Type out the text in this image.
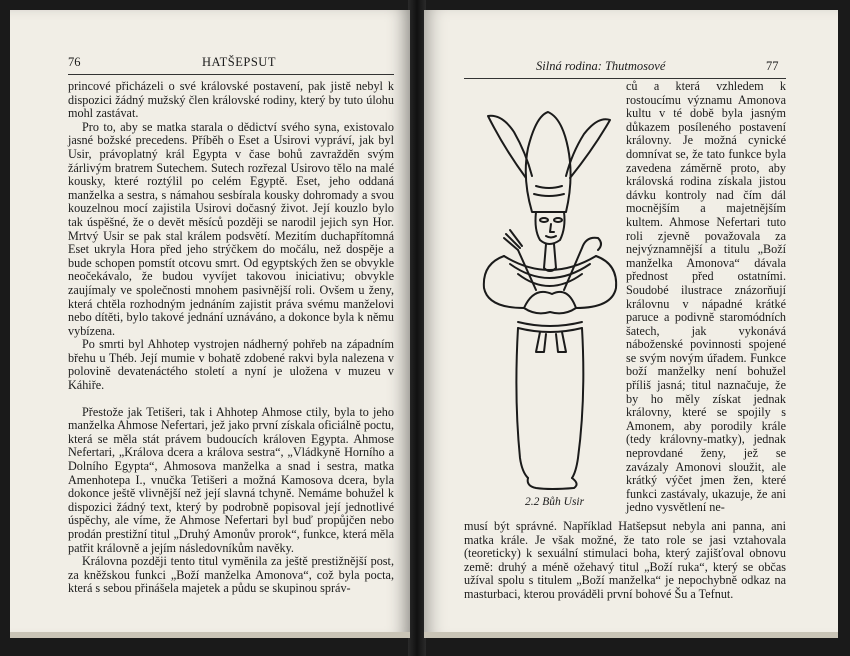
76	HATŠEPSUT

princové přicházeli o své královské postavení, pak jistě nebyl k dispozici žádný mužský člen královské rodiny, který by tuto úlohu mohl zastávat.

Pro to, aby se matka starala o dědictví svého syna, existovalo jasné božské precedens. Příběh o Eset a Usirovi vypráví, jak byl Usir, právoplatný král Egypta v čase bohů zavražděn svým žárlivým bratrem Sutechem. Sutech rozřezal Usirovo tělo na malé kousky, které roztýlil po celém Egyptě. Eset, jeho oddaná manželka a sestra, s námahou sesbírala kousky dohromady a svou kouzelnou mocí zajistila Usirovi dočasný život. Její kouzlo bylo tak úspěšné, že o devět měsíců později se narodil jejich syn Hor. Mrtvý Usir se pak stal králem podsvětí. Mezitím duchapřítomná Eset ukryla Hora před jeho strýčkem do močálu, než dospěje a bude schopen pomstít otcovu smrt. Od egyptských žen se obvykle neočekávalo, že budou vyvíjet takovou iniciativu; obvykle zaujímaly ve společnosti mnohem pasivnější roli. Ovšem u ženy, která chtěla rozhodným jednáním zajistit práva svému manželovi nebo dítěti, bylo takové jednání uznáváno, a dokonce byla k němu vybízena.

Po smrti byl Ahhotep vystrojen nádherný pohřeb na západním břehu u Théb. Její mumie v bohatě zdobené rakvi byla nalezena v polovině devatenáctého století a nyní je uložena v muzeu v Káhiře.

Přestože jak Tetišeri, tak i Ahhotep Ahmose ctily, byla to jeho manželka Ahmose Nefertari, jež jako první získala oficiálně poctu, která se měla stát právem budoucích královen Egypta. Ahmose Nefertari, „Králova dcera a králova sestra“, „Vládkyně Horního a Dolního Egypta“, Ahmosova manželka a snad i sestra, matka Amenhotepa I., vnučka Tetišeri a možná Kamosova dcera, byla dokonce ještě vlivnější než její slavná tchyně. Nemáme bohužel k dispozici žádný text, který by podrobně popisoval její jednotlivé úspěchy, ale víme, že Ahmose Nefertari byl buď propůjčen nebo prodán prestižní titul „Druhý Amonův prorok“, funkce, která měla patřit královně a jejím následovníkům navěky.

Královna později tento titul vyměnila za ještě prestižnější post, za kněžskou funkci „Boží manželka Amonova“, což byla pocta, která s sebou přinášela majetek a půdu se skupinou správ-

Silná rodina: Thutmosové	77
2.2 Bůh Usir
ců a která vzhledem k rostoucímu významu Amonova kultu v té době byla jasným důkazem posíleného postavení královny. Je možná cynické domnívat se, že tato funkce byla zavedena záměrně proto, aby královská rodina získala jistou dávku kontroly nad čím dál mocnějším a majetnějším kultem. Ahmose Nefertari tuto roli zjevně považovala za nejvýznamnější a titulu „Boží manželka Amonova“ dávala přednost před ostatními. Soudobé ilustrace znázorňují královnu v nápadné krátké paruce a podivně staromódních šatech, jak vykonává náboženské povinnosti spojené se svým novým úřadem. Funkce boží manželky není bohužel příliš jasná; titul naznačuje, že by ho měly získat jednak královny, které se spojily s Amonem, aby porodily krále (tedy královny-matky), jednak neprovdané ženy, jež se zavázaly Amonovi sloužit, ale krátký výčet jmen žen, které funkci zastávaly, ukazuje, že ani jedno vysvětlení ne-
musí být správné. Například Hatšepsut nebyla ani panna, ani matka krále. Je však možné, že tato role se jasi vztahovala (teoreticky) k sexuální stimulaci boha, který zajišťoval obnovu země: druhý a méně ožehavý titul „Boží ruka“, který se občas užíval spolu s titulem „Boží manželka“ je nepochybně odkaz na masturbaci, kterou prováděli první bohové Šu a Tefnut.
